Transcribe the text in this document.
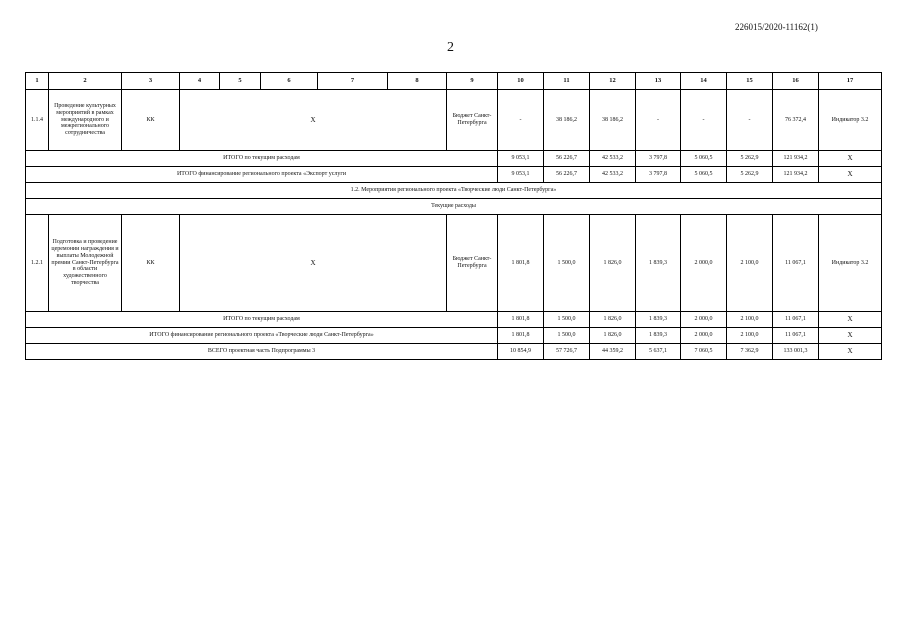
226015/2020-11162(1)
2
1	2	3	4	5	6	7	8	9	10	11	12	13	14	15	16	17
1.1.4	Проведение культурных мероприятий в рамках международного и межрегионального сотрудничества	КК	Х					Бюджет Санкт-Петербурга	-	38 186,2	38 186,2	-	-	-	76 372,4	Индикатор 3.2
ИТОГО по текущим расходам									9 053,1	56 226,7	42 533,2	3 797,8	5 060,5	5 262,9	121 934,2	Х
ИТОГО финансирование регионального проекта «Экспорт услуги									9 053,1	56 226,7	42 533,2	3 797,8	5 060,5	5 262,9	121 934,2	Х
1.2. Мероприятия регионального проекта «Творческие люди Санкт-Петербурга»																
Текущие расходы																
1.2.1	Подготовка и проведение церемонии награждения и выплаты Молодежной премии Санкт-Петербурга в области художественного творчества	КК	Х					Бюджет Санкт-Петербурга	1 801,8	1 500,0	1 826,0	1 839,3	2 000,0	2 100,0	11 067,1	Индикатор 3.2
ИТОГО по текущим расходам									1 801,8	1 500,0	1 826,0	1 839,3	2 000,0	2 100,0	11 067,1	Х
ИТОГО финансирование регионального проекта «Творческие люди Санкт-Петербурга»									1 801,8	1 500,0	1 826,0	1 839,3	2 000,0	2 100,0	11 067,1	Х
ВСЕГО проектная часть Подпрограммы 3									10 854,9	57 726,7	44 359,2	5 637,1	7 060,5	7 362,9	133 001,3	Х
